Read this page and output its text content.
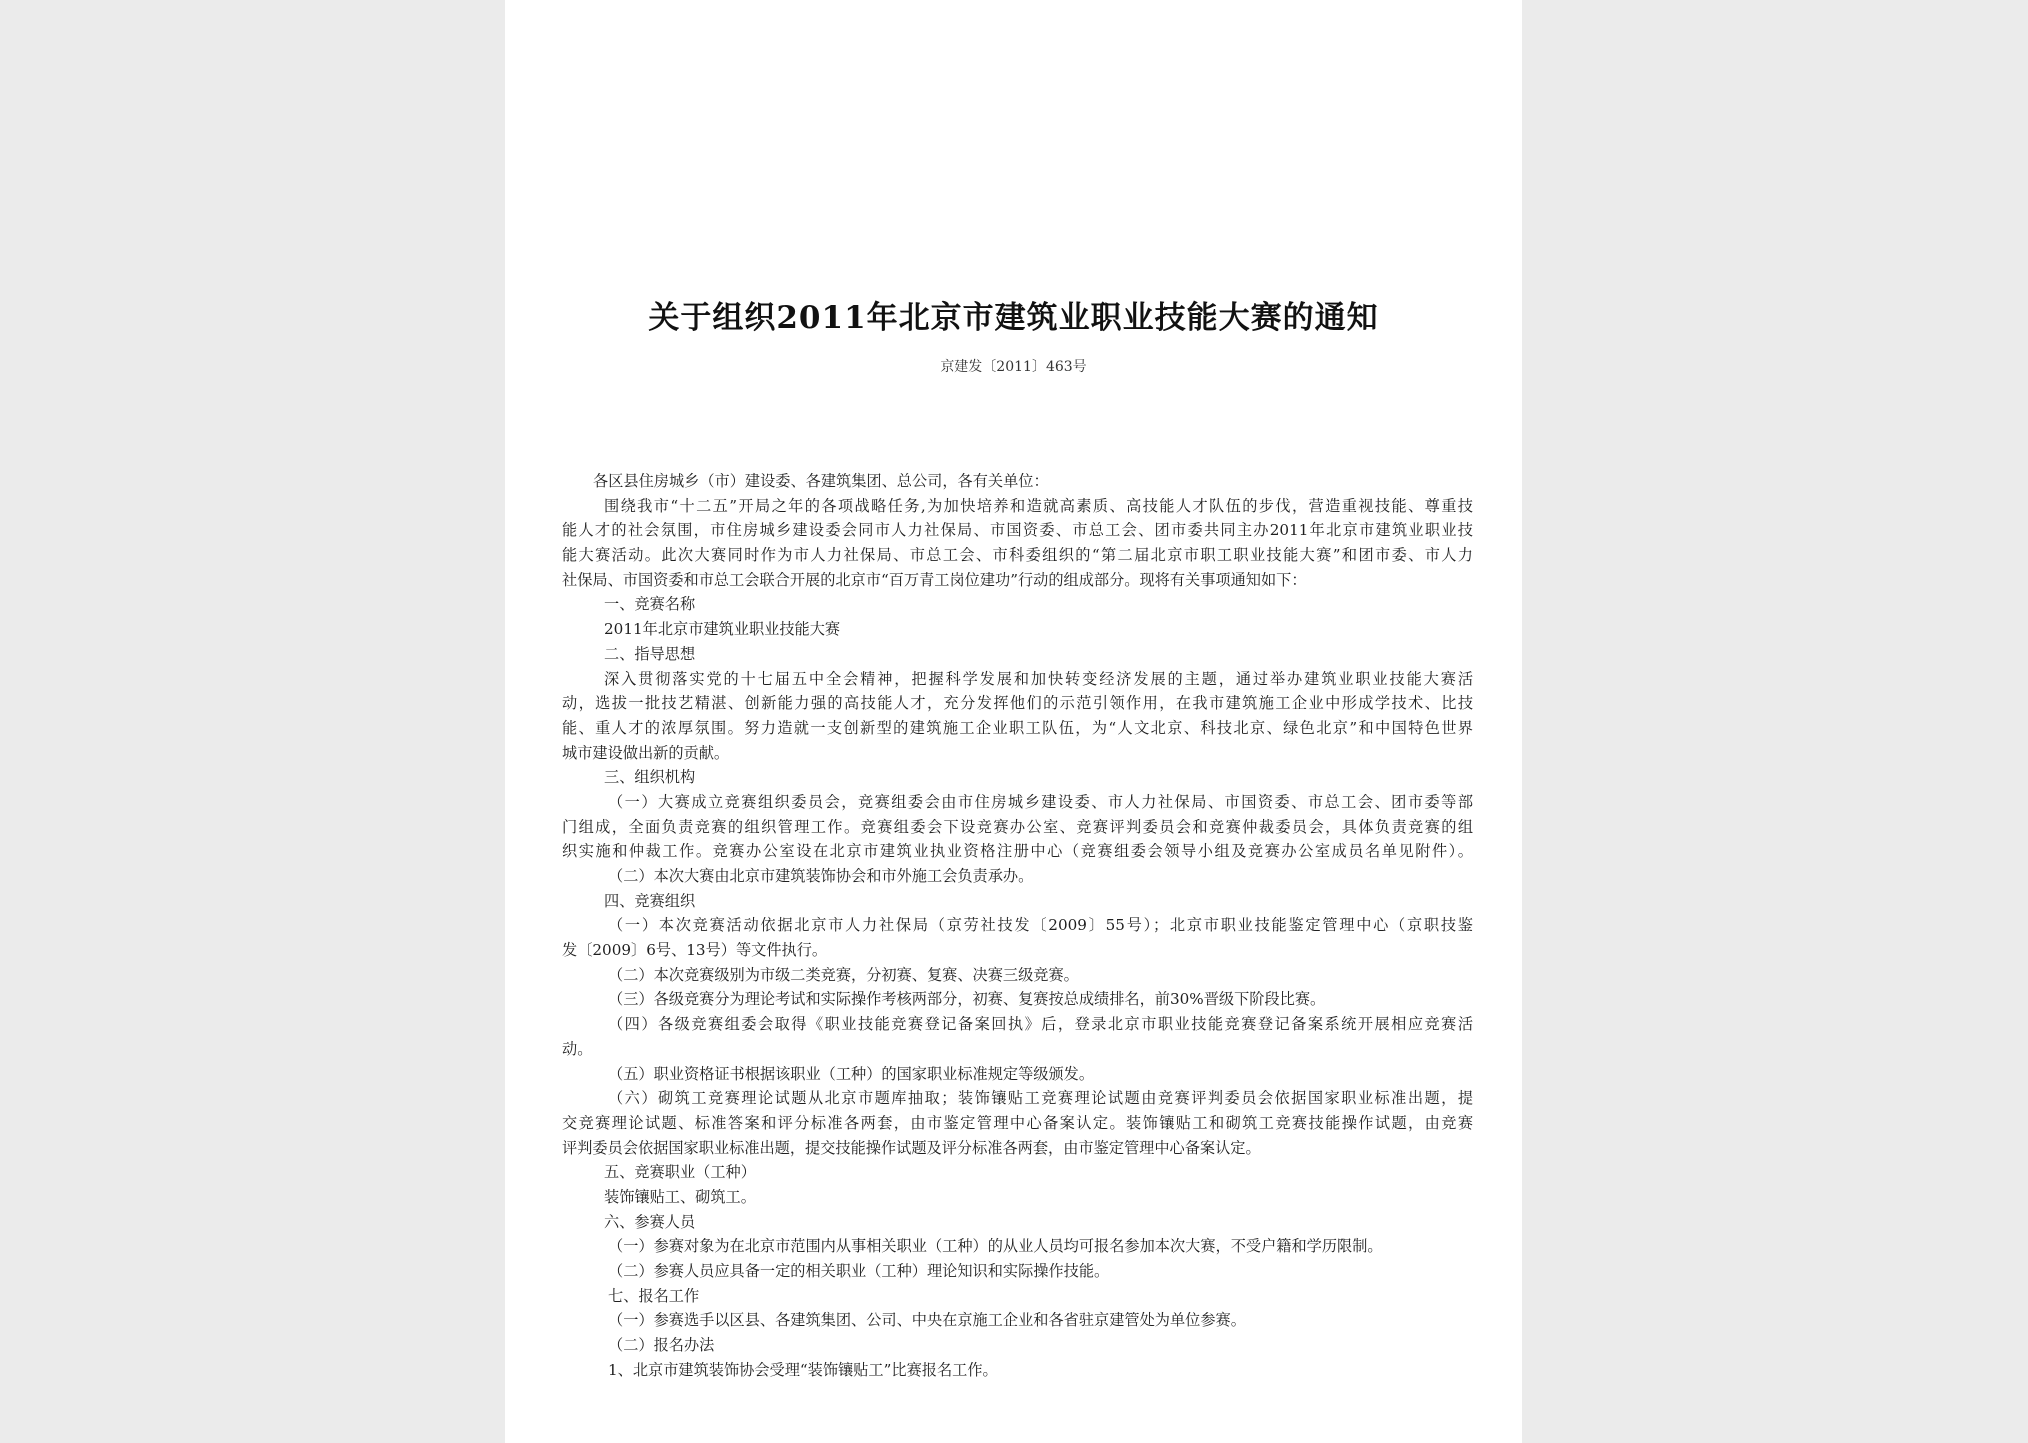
关于组织2011年北京市建筑业职业技能大赛的通知
京建发〔2011〕463号
各区县住房城乡（市）建设委、各建筑集团、总公司，各有关单位：
围绕我市“十二五”开局之年的各项战略任务,为加快培养和造就高素质、高技能人才队伍的步伐，营造重视技能、尊重技
能人才的社会氛围，市住房城乡建设委会同市人力社保局、市国资委、市总工会、团市委共同主办2011年北京市建筑业职业技
能大赛活动。此次大赛同时作为市人力社保局、市总工会、市科委组织的“第二届北京市职工职业技能大赛”和团市委、市人力
社保局、市国资委和市总工会联合开展的北京市“百万青工岗位建功”行动的组成部分。现将有关事项通知如下：
一、竞赛名称
2011年北京市建筑业职业技能大赛
二、指导思想
深入贯彻落实党的十七届五中全会精神，把握科学发展和加快转变经济发展的主题，通过举办建筑业职业技能大赛活
动，选拔一批技艺精湛、创新能力强的高技能人才，充分发挥他们的示范引领作用，在我市建筑施工企业中形成学技术、比技
能、重人才的浓厚氛围。努力造就一支创新型的建筑施工企业职工队伍，为“人文北京、科技北京、绿色北京”和中国特色世界
城市建设做出新的贡献。
三、组织机构
（一）大赛成立竞赛组织委员会，竞赛组委会由市住房城乡建设委、市人力社保局、市国资委、市总工会、团市委等部
门组成，全面负责竞赛的组织管理工作。竞赛组委会下设竞赛办公室、竞赛评判委员会和竞赛仲裁委员会，具体负责竞赛的组
织实施和仲裁工作。竞赛办公室设在北京市建筑业执业资格注册中心（竞赛组委会领导小组及竞赛办公室成员名单见附件）。
（二）本次大赛由北京市建筑装饰协会和市外施工会负责承办。
四、竞赛组织
（一）本次竞赛活动依据北京市人力社保局（京劳社技发〔2009〕55号）；北京市职业技能鉴定管理中心（京职技鉴
发〔2009〕6号、13号）等文件执行。
（二）本次竞赛级别为市级二类竞赛，分初赛、复赛、决赛三级竞赛。
（三）各级竞赛分为理论考试和实际操作考核两部分，初赛、复赛按总成绩排名，前30%晋级下阶段比赛。
（四）各级竞赛组委会取得《职业技能竞赛登记备案回执》后，登录北京市职业技能竞赛登记备案系统开展相应竞赛活
动。
（五）职业资格证书根据该职业（工种）的国家职业标准规定等级颁发。
（六）砌筑工竞赛理论试题从北京市题库抽取；装饰镶贴工竞赛理论试题由竞赛评判委员会依据国家职业标准出题，提
交竞赛理论试题、标准答案和评分标准各两套，由市鉴定管理中心备案认定。装饰镶贴工和砌筑工竞赛技能操作试题，由竞赛
评判委员会依据国家职业标准出题，提交技能操作试题及评分标准各两套，由市鉴定管理中心备案认定。
五、竞赛职业（工种）
装饰镶贴工、砌筑工。
六、参赛人员
（一）参赛对象为在北京市范围内从事相关职业（工种）的从业人员均可报名参加本次大赛，不受户籍和学历限制。
（二）参赛人员应具备一定的相关职业（工种）理论知识和实际操作技能。
七、报名工作
（一）参赛选手以区县、各建筑集团、公司、中央在京施工企业和各省驻京建管处为单位参赛。
（二）报名办法
1、北京市建筑装饰协会受理“装饰镶贴工”比赛报名工作。
